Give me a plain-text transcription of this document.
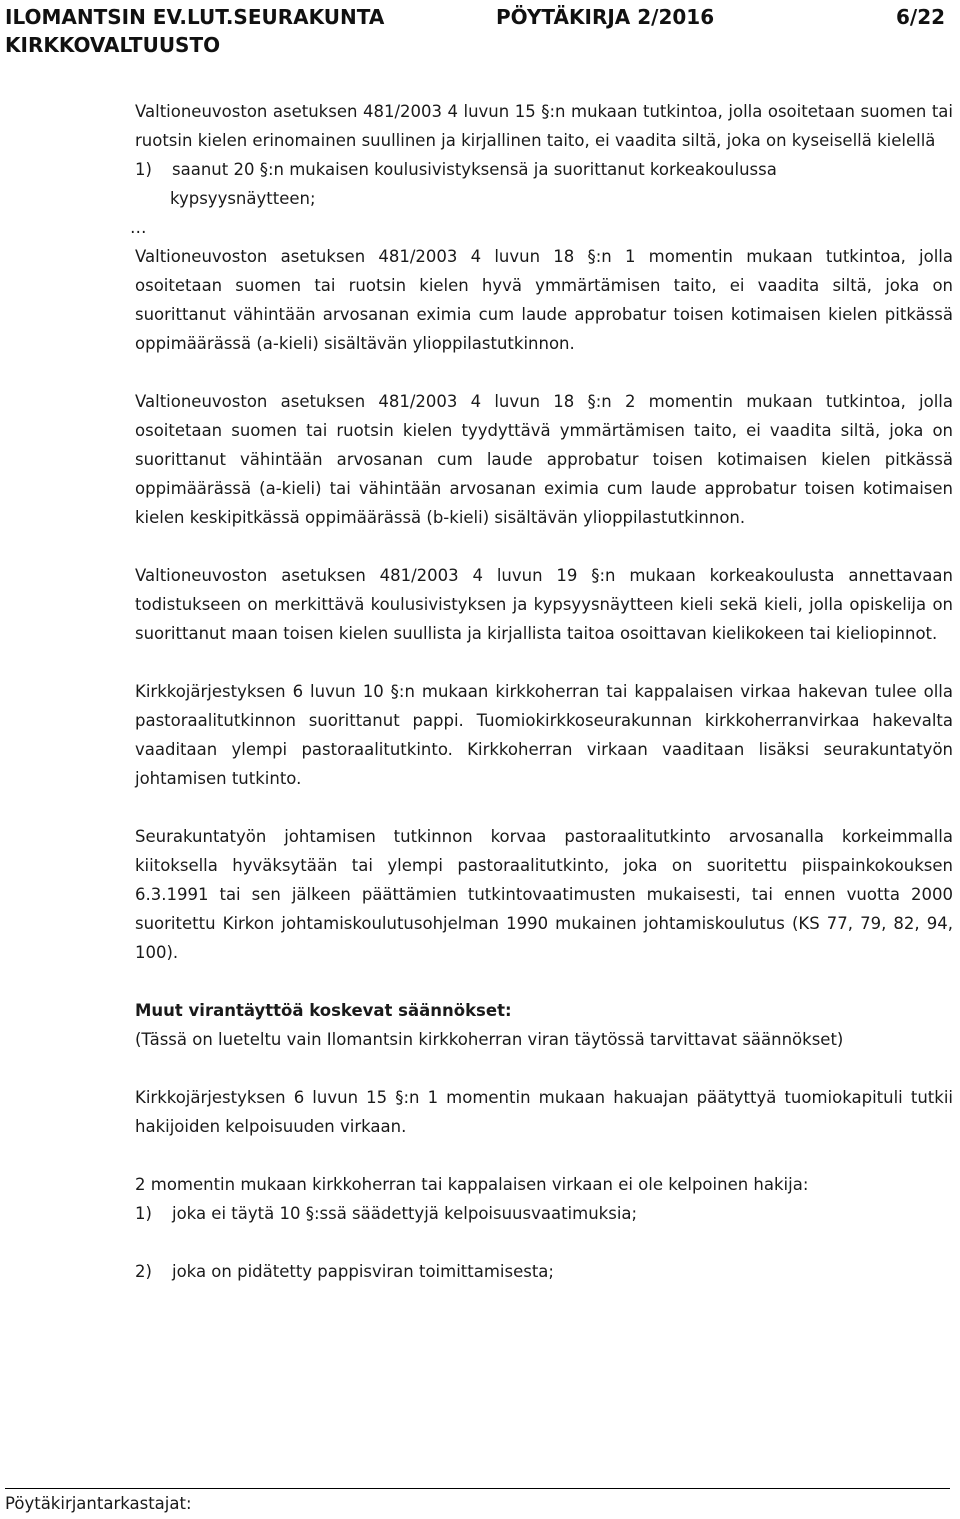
ILOMANTSIN EV.LUT.SEURAKUNTA
KIRKKOVALTUUSTO
PÖYTÄKIRJA 2/2016	6/22

Valtioneuvoston asetuksen 481/2003 4 luvun 15 §:n mukaan tutkintoa, jolla osoitetaan suomen tai ruotsin kielen erinomainen suullinen ja kirjallinen taito, ei vaadita siltä, joka on kyseisellä kielellä

1)	saanut 20 §:n mukaisen koulusivistyksensä ja suorittanut korkeakoulussa

kypsyysnäytteen;

…

Valtioneuvoston asetuksen 481/2003 4 luvun 18 §:n 1 momentin mukaan tutkintoa, jolla osoitetaan suomen tai ruotsin kielen hyvä ymmärtämisen taito, ei vaadita siltä, joka on suorittanut vähintään arvosanan eximia cum laude approbatur toisen kotimaisen kielen pitkässä oppimäärässä (a-kieli) sisältävän ylioppilastutkinnon.

Valtioneuvoston asetuksen 481/2003 4 luvun 18 §:n 2 momentin mukaan tutkintoa, jolla osoitetaan suomen tai ruotsin kielen tyydyttävä ymmärtämisen taito, ei vaadita siltä, joka on suorittanut vähintään arvosanan cum laude approbatur toisen kotimaisen kielen pitkässä oppimäärässä (a-kieli) tai vähintään arvosanan eximia cum laude approbatur toisen kotimaisen kielen keskipitkässä oppimäärässä (b-kieli) sisältävän ylioppilastutkinnon.

Valtioneuvoston asetuksen 481/2003 4 luvun 19 §:n mukaan korkeakoulusta annettavaan todistukseen on merkittävä koulusivistyksen ja kypsyysnäytteen kieli sekä kieli, jolla opiskelija on suorittanut maan toisen kielen suullista ja kirjallista taitoa osoittavan kielikokeen tai kieliopinnot.

Kirkkojärjestyksen 6 luvun 10 §:n mukaan kirkkoherran tai kappalaisen virkaa hakevan tulee olla pastoraalitutkinnon suorittanut pappi. Tuomiokirkkoseurakunnan kirkkoherranvirkaa hakevalta vaaditaan ylempi pastoraalitutkinto. Kirkkoherran virkaan vaaditaan lisäksi seurakuntatyön johtamisen tutkinto.

Seurakuntatyön johtamisen tutkinnon korvaa pastoraalitutkinto arvosanalla korkeimmalla kiitoksella hyväksytään tai ylempi pastoraalitutkinto, joka on suoritettu piispainkokouksen 6.3.1991 tai sen jälkeen päättämien tutkintovaatimusten mukaisesti, tai ennen vuotta 2000 suoritettu Kirkon johtamiskoulutusohjelman 1990 mukainen johtamiskoulutus (KS 77, 79, 82, 94, 100).

Muut virantäyttöä koskevat säännökset:

(Tässä on lueteltu vain Ilomantsin kirkkoherran viran täytössä tarvittavat säännökset)

Kirkkojärjestyksen 6 luvun 15 §:n 1 momentin mukaan hakuajan päätyttyä tuomiokapituli tutkii hakijoiden kelpoisuuden virkaan.

2 momentin mukaan kirkkoherran tai kappalaisen virkaan ei ole kelpoinen hakija:

1)	joka ei täytä 10 §:ssä säädettyjä kelpoisuusvaatimuksia;
2)	joka on pidätetty pappisviran toimittamisesta;
Pöytäkirjantarkastajat:
